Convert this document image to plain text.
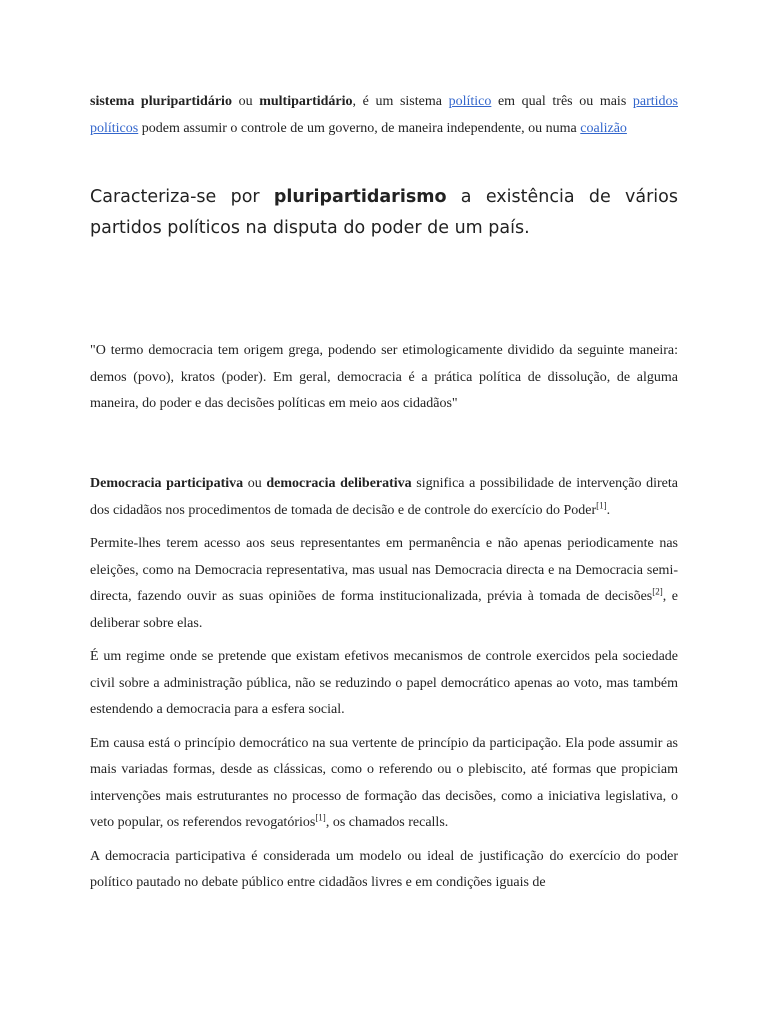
sistema pluripartidário ou multipartidário, é um sistema político em qual três ou mais partidos políticos podem assumir o controle de um governo, de maneira independente, ou numa coalizão

Caracteriza-se por pluripartidarismo a existência de vários partidos políticos na disputa do poder de um país.

"O termo democracia tem origem grega, podendo ser etimologicamente dividido da seguinte maneira: demos (povo), kratos (poder). Em geral, democracia é a prática política de dissolução, de alguma maneira, do poder e das decisões políticas em meio aos cidadãos"

Democracia participativa ou democracia deliberativa significa a possibilidade de intervenção direta dos cidadãos nos procedimentos de tomada de decisão e de controle do exercício do Poder[1].

Permite-lhes terem acesso aos seus representantes em permanência e não apenas periodicamente nas eleições, como na Democracia representativa, mas usual nas Democracia directa e na Democracia semi-directa, fazendo ouvir as suas opiniões de forma institucionalizada, prévia à tomada de decisões[2], e deliberar sobre elas.

É um regime onde se pretende que existam efetivos mecanismos de controle exercidos pela sociedade civil sobre a administração pública, não se reduzindo o papel democrático apenas ao voto, mas também estendendo a democracia para a esfera social.

Em causa está o princípio democrático na sua vertente de princípio da participação. Ela pode assumir as mais variadas formas, desde as clássicas, como o referendo ou o plebiscito, até formas que propiciam intervenções mais estruturantes no processo de formação das decisões, como a iniciativa legislativa, o veto popular, os referendos revogatórios[1], os chamados recalls.

A democracia participativa é considerada um modelo ou ideal de justificação do exercício do poder político pautado no debate público entre cidadãos livres e em condições iguais de
